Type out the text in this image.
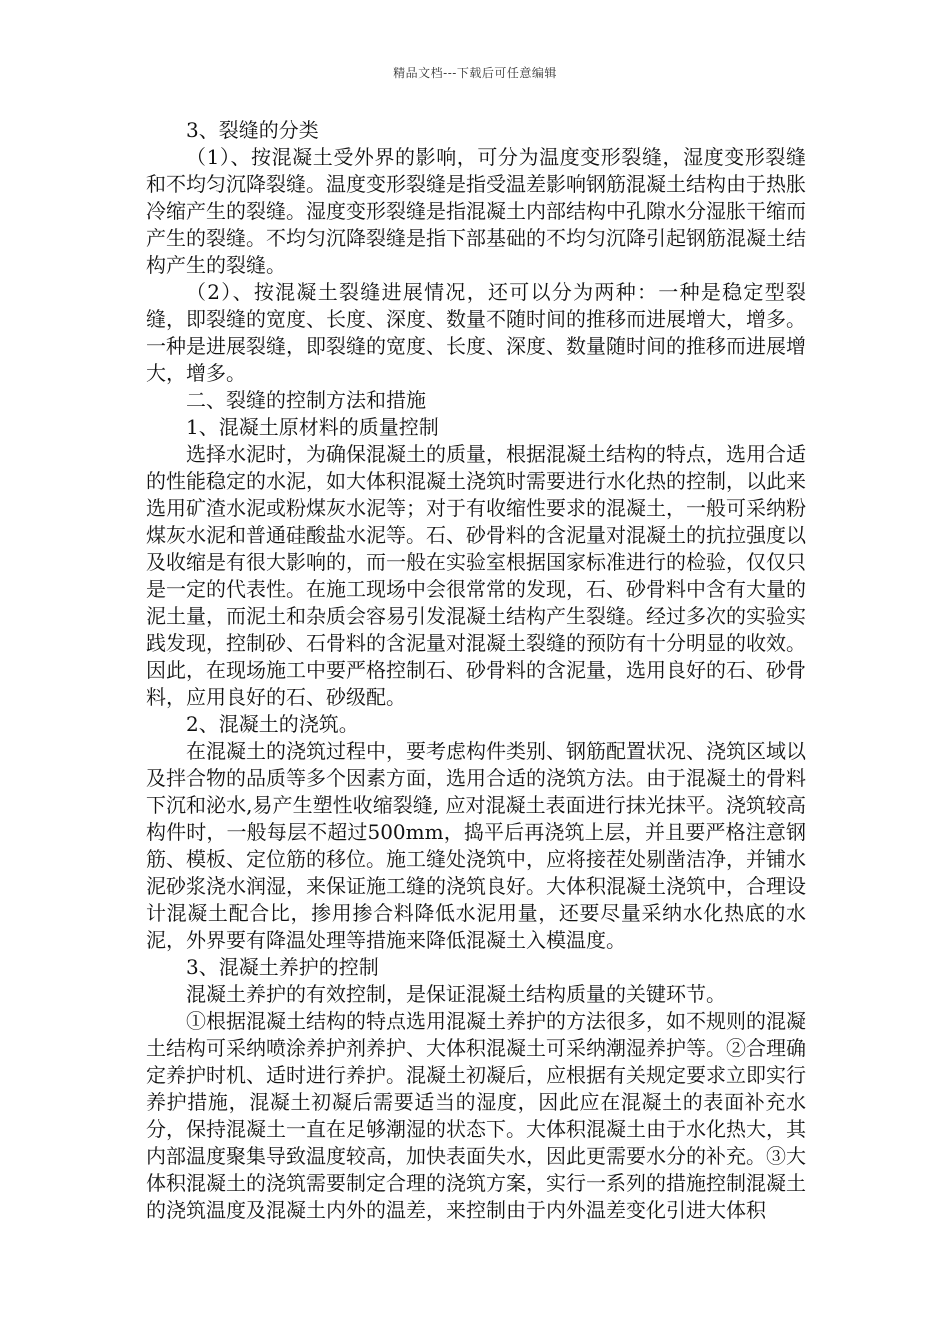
精品文档---下载后可任意编辑

3、裂缝的分类

（1）、按混凝土受外界的影响，可分为温度变形裂缝，湿度变形裂缝和不均匀沉降裂缝。温度变形裂缝是指受温差影响钢筋混凝土结构由于热胀冷缩产生的裂缝。湿度变形裂缝是指混凝土内部结构中孔隙水分湿胀干缩而产生的裂缝。不均匀沉降裂缝是指下部基础的不均匀沉降引起钢筋混凝土结构产生的裂缝。

（2）、按混凝土裂缝进展情况，还可以分为两种：一种是稳定型裂缝，即裂缝的宽度、长度、深度、数量不随时间的推移而进展增大，增多。一种是进展裂缝，即裂缝的宽度、长度、深度、数量随时间的推移而进展增大，增多。

二、裂缝的控制方法和措施

1、混凝土原材料的质量控制

选择水泥时，为确保混凝土的质量，根据混凝土结构的特点，选用合适的性能稳定的水泥，如大体积混凝土浇筑时需要进行水化热的控制，以此来选用矿渣水泥或粉煤灰水泥等；对于有收缩性要求的混凝土，一般可采纳粉煤灰水泥和普通硅酸盐水泥等。石、砂骨料的含泥量对混凝土的抗拉强度以及收缩是有很大影响的，而一般在实验室根据国家标准进行的检验，仅仅只是一定的代表性。在施工现场中会很常常的发现，石、砂骨料中含有大量的泥土量，而泥土和杂质会容易引发混凝土结构产生裂缝。经过多次的实验实践发现，控制砂、石骨料的含泥量对混凝土裂缝的预防有十分明显的收效。因此，在现场施工中要严格控制石、砂骨料的含泥量，选用良好的石、砂骨料，应用良好的石、砂级配。

2、混凝土的浇筑。

在混凝土的浇筑过程中，要考虑构件类别、钢筋配置状况、浇筑区域以及拌合物的品质等多个因素方面，选用合适的浇筑方法。由于混凝土的骨料下沉和泌水,易产生塑性收缩裂缝, 应对混凝土表面进行抹光抹平。浇筑较高构件时，一般每层不超过500mm，捣平后再浇筑上层，并且要严格注意钢筋、模板、定位筋的移位。施工缝处浇筑中，应将接茬处剔凿洁净，并铺水泥砂浆浇水润湿，来保证施工缝的浇筑良好。大体积混凝土浇筑中，合理设计混凝土配合比，掺用掺合料降低水泥用量，还要尽量采纳水化热底的水泥，外界要有降温处理等措施来降低混凝土入模温度。

3、混凝土养护的控制

混凝土养护的有效控制，是保证混凝土结构质量的关键环节。

①根据混凝土结构的特点选用混凝土养护的方法很多，如不规则的混凝土结构可采纳喷涂养护剂养护、大体积混凝土可采纳潮湿养护等。②合理确定养护时机、适时进行养护。混凝土初凝后，应根据有关规定要求立即实行养护措施，混凝土初凝后需要适当的湿度，因此应在混凝土的表面补充水分，保持混凝土一直在足够潮湿的状态下。大体积混凝土由于水化热大，其内部温度聚集导致温度较高，加快表面失水，因此更需要水分的补充。③大体积混凝土的浇筑需要制定合理的浇筑方案，实行一系列的措施控制混凝土的浇筑温度及混凝土内外的温差，来控制由于内外温差变化引进大体积
